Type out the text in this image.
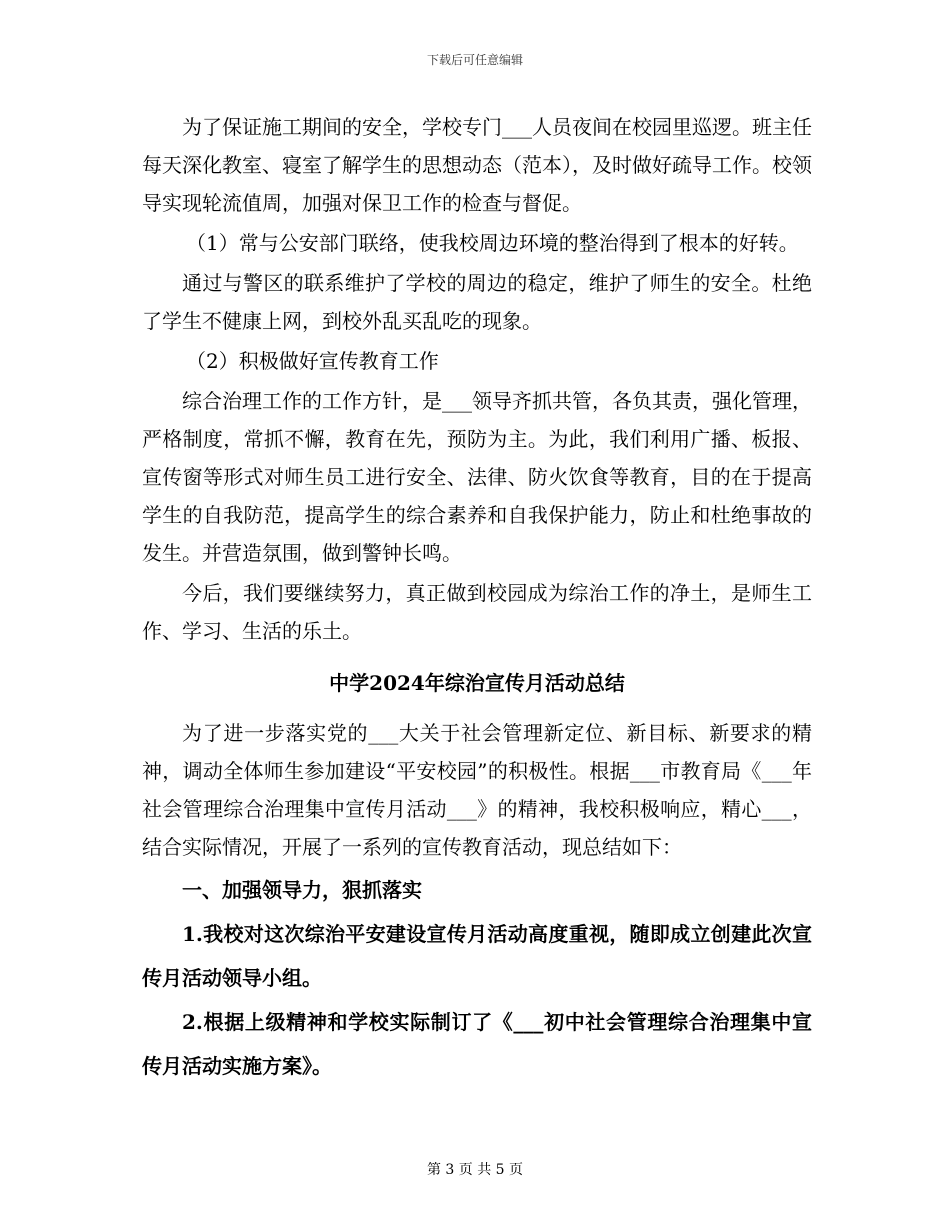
下载后可任意编辑

为了保证施工期间的安全，学校专门___人员夜间在校园里巡逻。班主任每天深化教室、寝室了解学生的思想动态（范本），及时做好疏导工作。校领导实现轮流值周，加强对保卫工作的检查与督促。

（1）常与公安部门联络，使我校周边环境的整治得到了根本的好转。

通过与警区的联系维护了学校的周边的稳定，维护了师生的安全。杜绝了学生不健康上网，到校外乱买乱吃的现象。

（2）积极做好宣传教育工作

综合治理工作的工作方针，是___领导齐抓共管，各负其责，强化管理，严格制度，常抓不懈，教育在先，预防为主。为此，我们利用广播、板报、宣传窗等形式对师生员工进行安全、法律、防火饮食等教育，目的在于提高学生的自我防范，提高学生的综合素养和自我保护能力，防止和杜绝事故的发生。并营造氛围，做到警钟长鸣。

今后，我们要继续努力，真正做到校园成为综治工作的净土，是师生工作、学习、生活的乐土。

中学2024年综治宣传月活动总结

为了进一步落实党的___大关于社会管理新定位、新目标、新要求的精神，调动全体师生参加建设“平安校园”的积极性。根据___市教育局《___年社会管理综合治理集中宣传月活动___》的精神，我校积极响应，精心___，结合实际情况，开展了一系列的宣传教育活动，现总结如下：

一、加强领导力，狠抓落实

1.我校对这次综治平安建设宣传月活动高度重视，随即成立创建此次宣传月活动领导小组。

2.根据上级精神和学校实际制订了《___初中社会管理综合治理集中宣传月活动实施方案》。

第 3 页 共 5 页
